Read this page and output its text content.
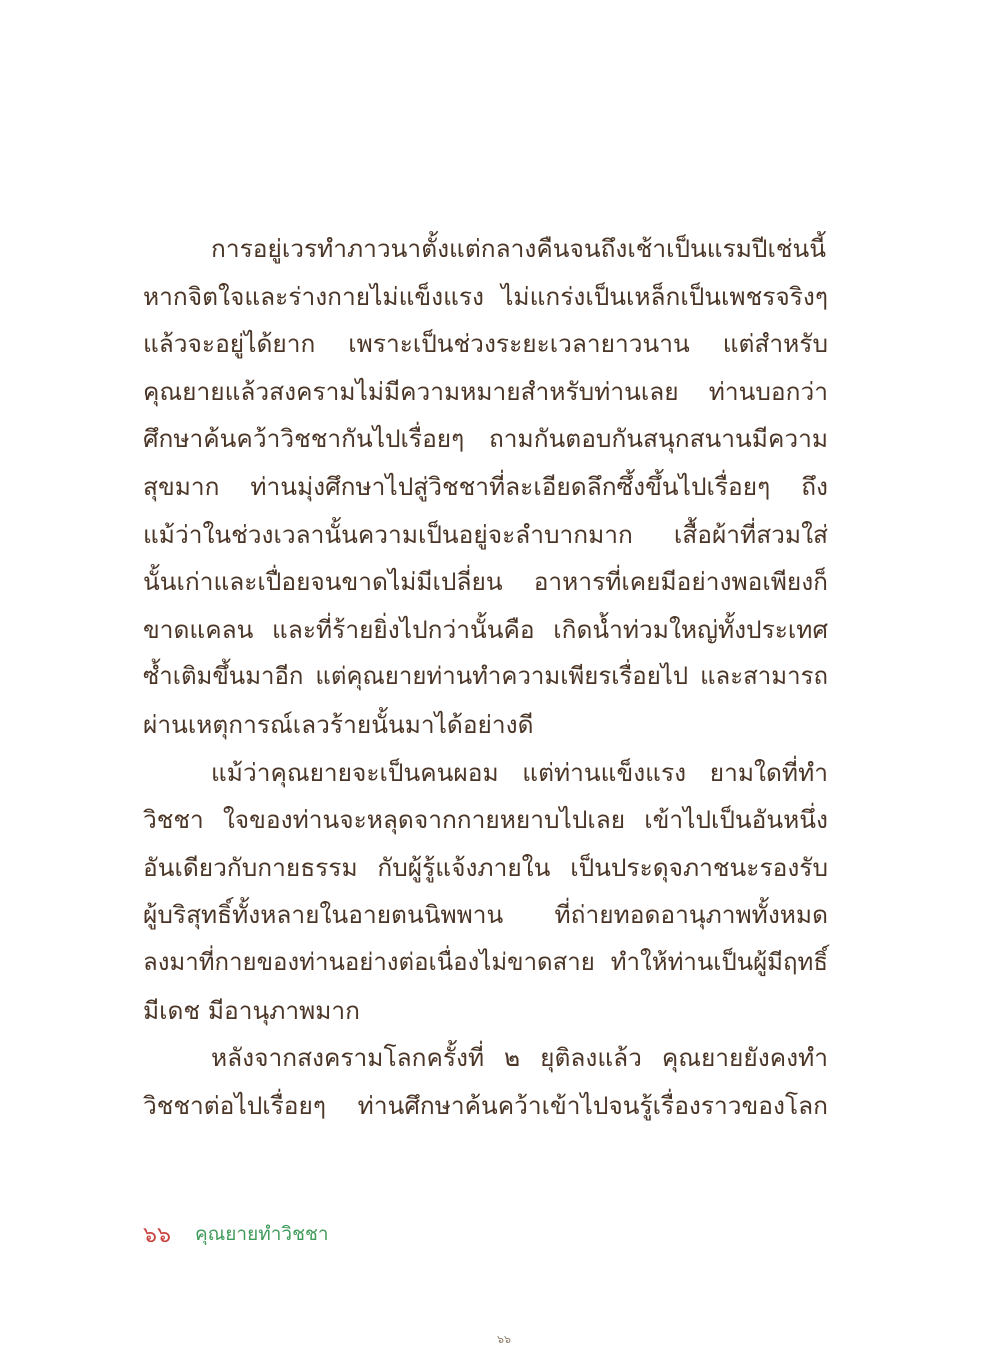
การอยู่เวรทำภาวนาตั้งแต่กลางคืนจนถึงเช้าเป็นแรมปีเช่นนี้
หากจิตใจและร่างกายไม่แข็งแรง ไม่แกร่งเป็นเหล็กเป็นเพชรจริงๆ
แล้วจะอยู่ได้ยาก เพราะเป็นช่วงระยะเวลายาวนาน แต่สำหรับ
คุณยายแล้วสงครามไม่มีความหมายสำหรับท่านเลย ท่านบอกว่า
ศึกษาค้นคว้าวิชชากันไปเรื่อยๆ ถามกันตอบกันสนุกสนานมีความ
สุขมาก ท่านมุ่งศึกษาไปสู่วิชชาที่ละเอียดลึกซึ้งขึ้นไปเรื่อยๆ ถึง
แม้ว่าในช่วงเวลานั้นความเป็นอยู่จะลำบากมาก เสื้อผ้าที่สวมใส่
นั้นเก่าและเปื่อยจนขาดไม่มีเปลี่ยน อาหารที่เคยมีอย่างพอเพียงก็
ขาดแคลน และที่ร้ายยิ่งไปกว่านั้นคือ เกิดน้ำท่วมใหญ่ทั้งประเทศ
ซ้ำเติมขึ้นมาอีก แต่คุณยายท่านทำความเพียรเรื่อยไป และสามารถ
ผ่านเหตุการณ์เลวร้ายนั้นมาได้อย่างดี
แม้ว่าคุณยายจะเป็นคนผอม แต่ท่านแข็งแรง ยามใดที่ทำ
วิชชา ใจของท่านจะหลุดจากกายหยาบไปเลย เข้าไปเป็นอันหนึ่ง
อันเดียวกับกายธรรม กับผู้รู้แจ้งภายใน เป็นประดุจภาชนะรองรับ
ผู้บริสุทธิ์ทั้งหลายในอายตนนิพพาน ที่ถ่ายทอดอานุภาพทั้งหมด
ลงมาที่กายของท่านอย่างต่อเนื่องไม่ขาดสาย ทำให้ท่านเป็นผู้มีฤทธิ์
มีเดช มีอานุภาพมาก
หลังจากสงครามโลกครั้งที่ ๒ ยุติลงแล้ว คุณยายยังคงทำ
วิชชาต่อไปเรื่อยๆ ท่านศึกษาค้นคว้าเข้าไปจนรู้เรื่องราวของโลก
๖๖ คุณยายทำวิชชา
๖๖
